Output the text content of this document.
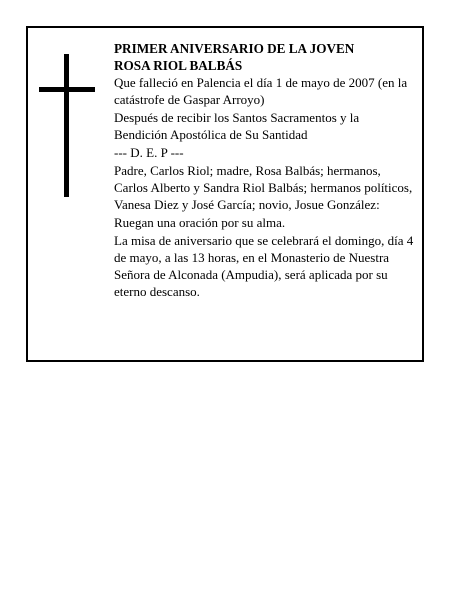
PRIMER ANIVERSARIO DE LA JOVEN

ROSA RIOL BALBÁS

Que falleció en Palencia el día 1 de mayo de 2007 (en la catástrofe de Gaspar Arroyo)

Después de recibir los Santos Sacramentos y la Bendición Apostólica de Su Santidad

--- D. E. P ---

Padre, Carlos Riol; madre, Rosa Balbás; hermanos, Carlos Alberto y Sandra Riol Balbás; hermanos políticos, Vanesa Diez y José García; novio, Josue González:

Ruegan una oración por su alma.

La misa de aniversario que se celebrará el domingo, día 4 de mayo, a las 13 horas, en el Monasterio de Nuestra Señora de Alconada (Ampudia), será aplicada por su eterno descanso.
